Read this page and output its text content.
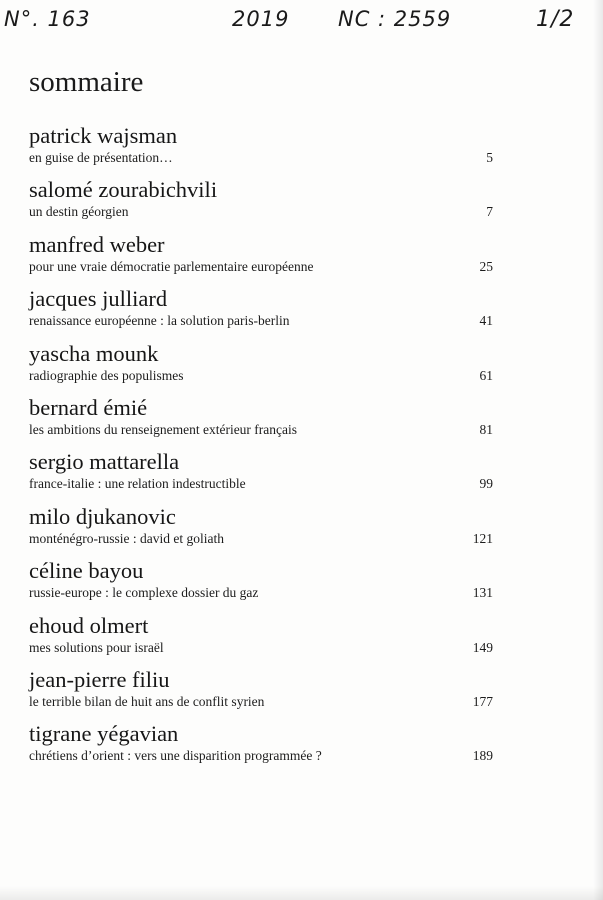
N°. 163	2019 NC : 2559	1/2
sommaire
patrick wajsman
en guise de présentation…	5
salomé zourabichvili
un destin géorgien	7
manfred weber
pour une vraie démocratie parlementaire européenne	25
jacques julliard
renaissance européenne : la solution paris-berlin	41
yascha mounk
radiographie des populismes	61
bernard émié
les ambitions du renseignement extérieur français	81
sergio mattarella
france-italie : une relation indestructible	99
milo djukanovic
monténégro-russie : david et goliath	121
céline bayou
russie-europe : le complexe dossier du gaz	131
ehoud olmert
mes solutions pour israël	149
jean-pierre filiu
le terrible bilan de huit ans de conflit syrien	177
tigrane yégavian
chrétiens d’orient : vers une disparition programmée ?	189
